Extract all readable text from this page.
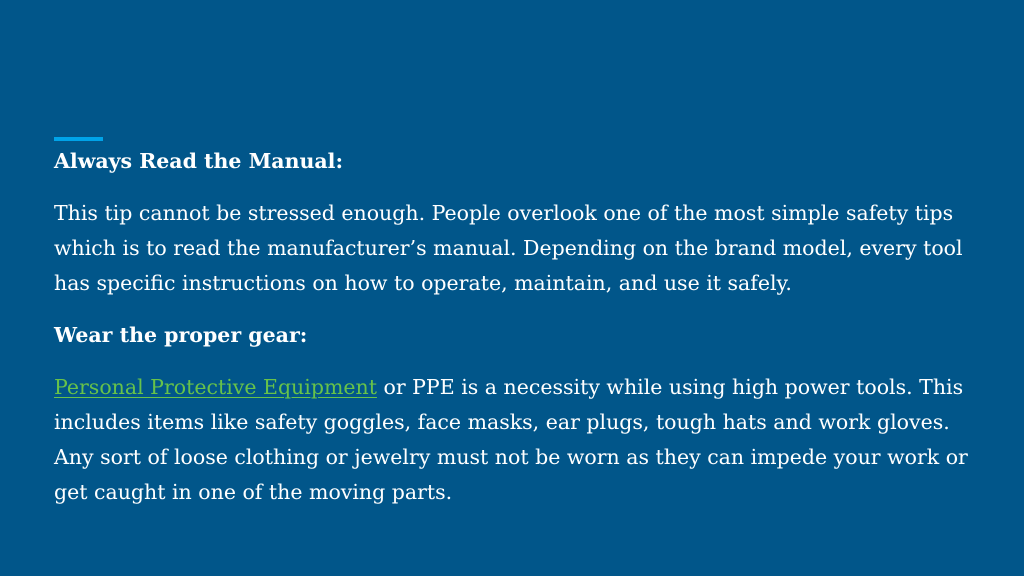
Always Read the Manual:

This tip cannot be stressed enough. People overlook one of the most simple safety tips which is to read the manufacturer’s manual. Depending on the brand model, every tool has specific instructions on how to operate, maintain, and use it safely.

Wear the proper gear:

Personal Protective Equipment or PPE is a necessity while using high power tools. This includes items like safety goggles, face masks, ear plugs, tough hats and work gloves. Any sort of loose clothing or jewelry must not be worn as they can impede your work or get caught in one of the moving parts.
